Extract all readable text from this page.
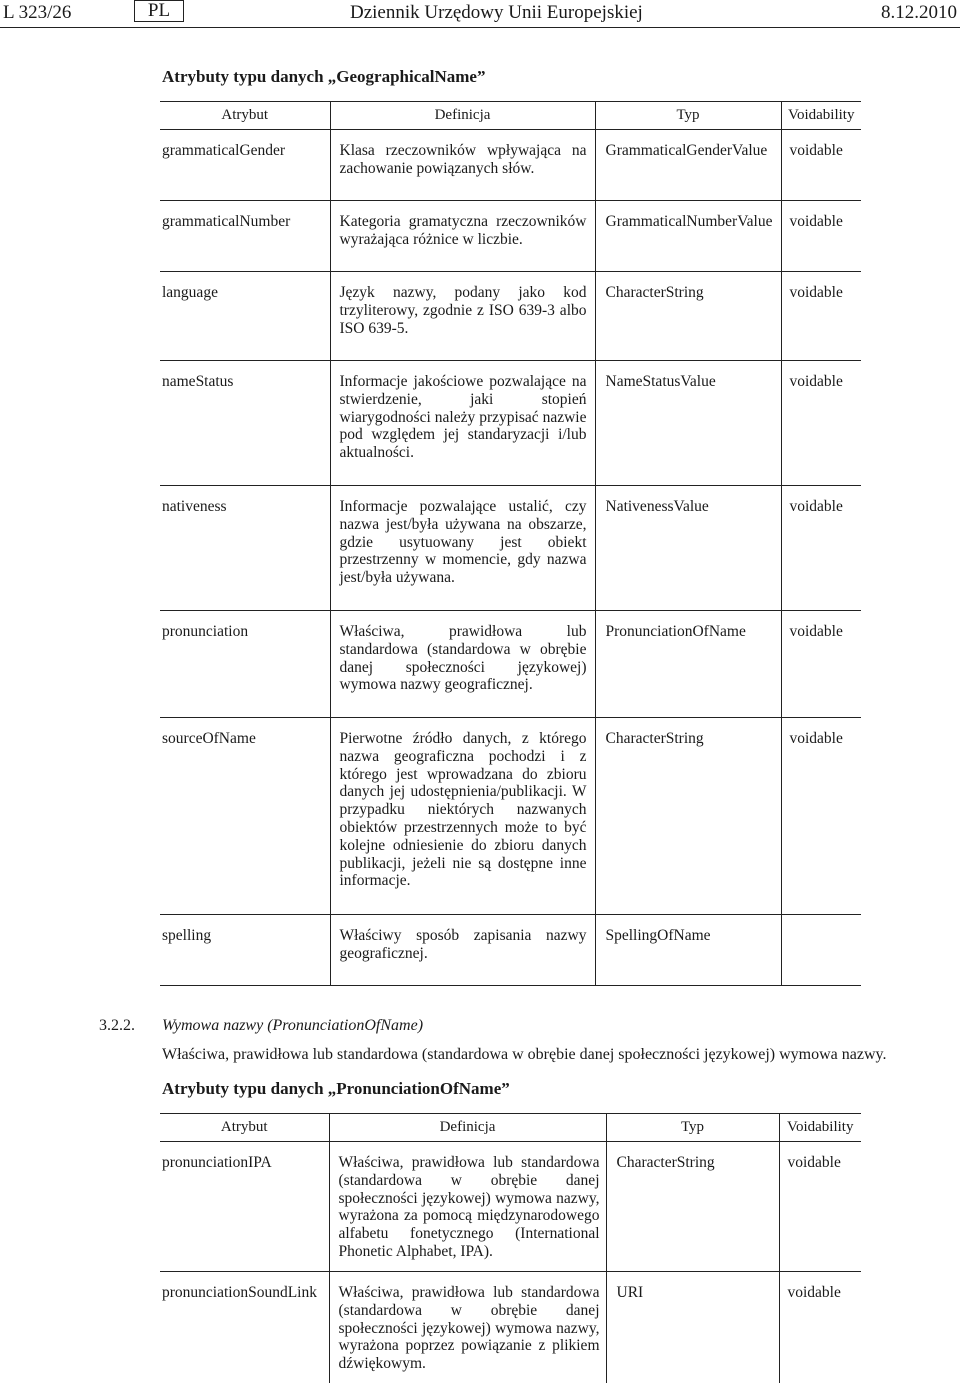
L 323/26	PL	Dziennik Urzędowy Unii Europejskiej	8.12.2010
Atrybuty typu danych „GeographicalName”
Atrybut	Definicja	Typ	Voidability
grammaticalGender	Klasa rzeczowników wpływająca na zachowanie powiązanych słów.	GrammaticalGenderValue	voidable
grammaticalNumber	Kategoria gramatyczna rzeczowników wyrażająca różnice w liczbie.	GrammaticalNumberValue	voidable
language	Język nazwy, podany jako kod trzyliterowy, zgodnie z ISO 639-3 albo ISO 639-5.	CharacterString	voidable
nameStatus	Informacje jakościowe pozwalające na stwierdzenie, jaki stopień wiarygodności należy przypisać nazwie pod względem jej standaryzacji i/lub aktualności.	NameStatusValue	voidable
nativeness	Informacje pozwalające ustalić, czy nazwa jest/była używana na obszarze, gdzie usytuowany jest obiekt przestrzenny w momencie, gdy nazwa jest/była używana.	NativenessValue	voidable
pronunciation	Właściwa, prawidłowa lub standardowa (standardowa w obrębie danej społeczności językowej) wymowa nazwy geograficznej.	PronunciationOfName	voidable
sourceOfName	Pierwotne źródło danych, z którego nazwa geograficzna pochodzi i z którego jest wprowadzana do zbioru danych jej udostępnienia/publikacji. W przypadku niektórych nazwanych obiektów przestrzennych może to być kolejne odniesienie do zbioru danych publikacji, jeżeli nie są dostępne inne informacje.	CharacterString	voidable
spelling	Właściwy sposób zapisania nazwy geograficznej.	SpellingOfName	
3.2.2. Wymowa nazwy (PronunciationOfName)
Właściwa, prawidłowa lub standardowa (standardowa w obrębie danej społeczności językowej) wymowa nazwy.
Atrybuty typu danych „PronunciationOfName”
Atrybut	Definicja	Typ	Voidability
pronunciationIPA	Właściwa, prawidłowa lub standardowa (standardowa w obrębie danej społeczności językowej) wymowa nazwy, wyrażona za pomocą międzynarodowego alfabetu fonetycznego (International Phonetic Alphabet, IPA).	CharacterString	voidable
pronunciationSoundLink	Właściwa, prawidłowa lub standardowa (standardowa w obrębie danej społeczności językowej) wymowa nazwy, wyrażona poprzez powiązanie z plikiem dźwiękowym.	URI	voidable
